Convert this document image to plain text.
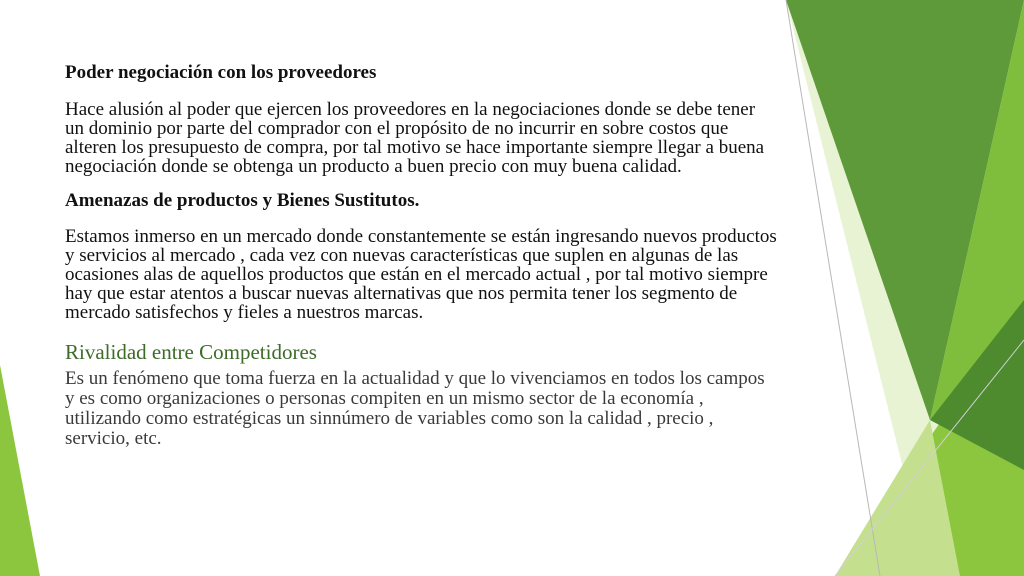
Poder negociación con los proveedores

Hace alusión al poder que ejercen los proveedores en la negociaciones donde se debe tener un dominio por parte del comprador con el propósito de no incurrir en sobre costos que alteren los presupuesto de compra, por tal motivo se hace importante siempre llegar a buena negociación donde se obtenga un producto a buen precio con muy buena calidad.

Amenazas de productos y Bienes Sustitutos.

Estamos inmerso en un mercado donde constantemente se están ingresando nuevos productos y servicios al mercado , cada vez con nuevas características que suplen en algunas de las ocasiones alas de aquellos productos que están en el mercado actual , por tal motivo siempre hay que estar atentos a buscar nuevas alternativas que nos permita tener los segmento de mercado satisfechos y fieles a nuestros marcas.

Rivalidad entre Competidores

Es un fenómeno que toma fuerza en la actualidad y que lo vivenciamos en todos los campos y es como organizaciones o personas compiten en un mismo sector de la economía , utilizando como estratégicas un sinnúmero de variables como son la calidad , precio , servicio, etc.
